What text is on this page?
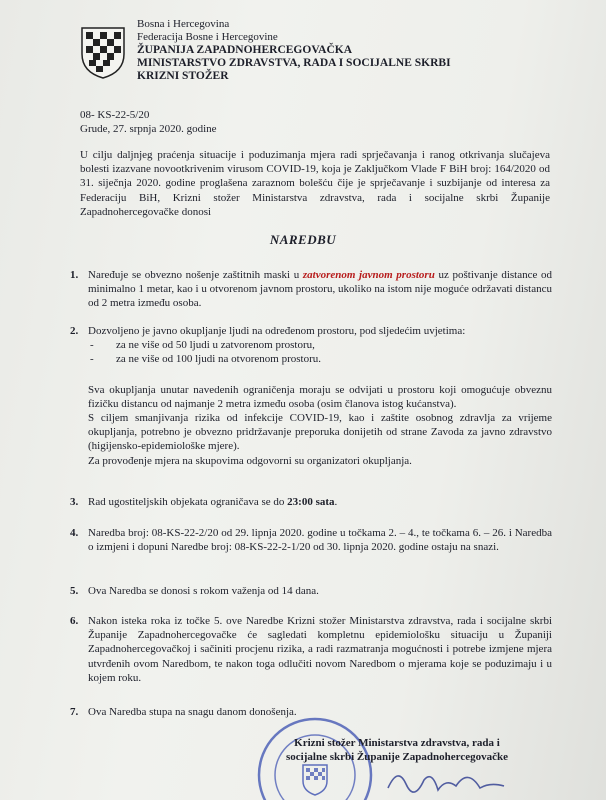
Bosna i Hercegovina
Federacija Bosne i Hercegovine
ŽUPANIJA ZAPADNOHERCEGOVAČKA
MINISTARSTVO ZDRAVSTVA, RADA I SOCIJALNE SKRBI
KRIZNI STOŽER
08- KS-22-5/20
Grude, 27. srpnja 2020. godine
U cilju daljnjeg praćenja situacije i poduzimanja mjera radi sprječavanja i ranog otkrivanja slučajeva bolesti izazvane novootkrivenim virusom COVID-19, koja je Zaključkom Vlade F BiH broj: 164/2020 od 31. siječnja 2020. godine proglašena zaraznom bolešću čije je sprječavanje i suzbijanje od interesa za Federaciju BiH, Krizni stožer Ministarstva zdravstva, rada i socijalne skrbi Županije Zapadnohercegovačke donosi
NAREDBU
1. Naređuje se obvezno nošenje zaštitnih maski u zatvorenom javnom prostoru uz poštivanje distance od minimalno 1 metar, kao i u otvorenom javnom prostoru, ukoliko na istom nije moguće održavati distancu od 2 metra između osoba.
2. Dozvoljeno je javno okupljanje ljudi na određenom prostoru, pod sljedećim uvjetima:
- za ne više od 50 ljudi u zatvorenom prostoru,
- za ne više od 100 ljudi na otvorenom prostoru.
Sva okupljanja unutar navedenih ograničenja moraju se odvijati u prostoru koji omogućuje obveznu fizičku distancu od najmanje 2 metra između osoba (osim članova istog kućanstva).
S ciljem smanjivanja rizika od infekcije COVID-19, kao i zaštite osobnog zdravlja za vrijeme okupljanja, potrebno je obvezno pridržavanje preporuka donijetih od strane Zavoda za javno zdravstvo (higijensko-epidemiološke mjere).
Za provođenje mjera na skupovima odgovorni su organizatori okupljanja.
3. Rad ugostiteljskih objekata ograničava se do 23:00 sata.
4. Naredba broj: 08-KS-22-2/20 od 29. lipnja 2020. godine u točkama 2. – 4., te točkama 6. – 26. i Naredba o izmjeni i dopuni Naredbe broj: 08-KS-22-2-1/20 od 30. lipnja 2020. godine ostaju na snazi.
5. Ova Naredba se donosi s rokom važenja od 14 dana.
6. Nakon isteka roka iz točke 5. ove Naredbe Krizni stožer Ministarstva zdravstva, rada i socijalne skrbi Županije Zapadnohercegovačke će sagledati kompletnu epidemiološku situaciju u Županiji Zapadnohercegovačkoj i sačiniti procjenu rizika, a radi razmatranja mogućnosti i potrebe izmjene mjera utvrđenih ovom Naredbom, te nakon toga odlučiti novom Naredbom o mjerama koje se poduzimaju i u kojem roku.
7. Ova Naredba stupa na snagu danom donošenja.
Krizni stožer Ministarstva zdravstva, rada i
socijalne skrbi Županije Zapadnohercegovačke
